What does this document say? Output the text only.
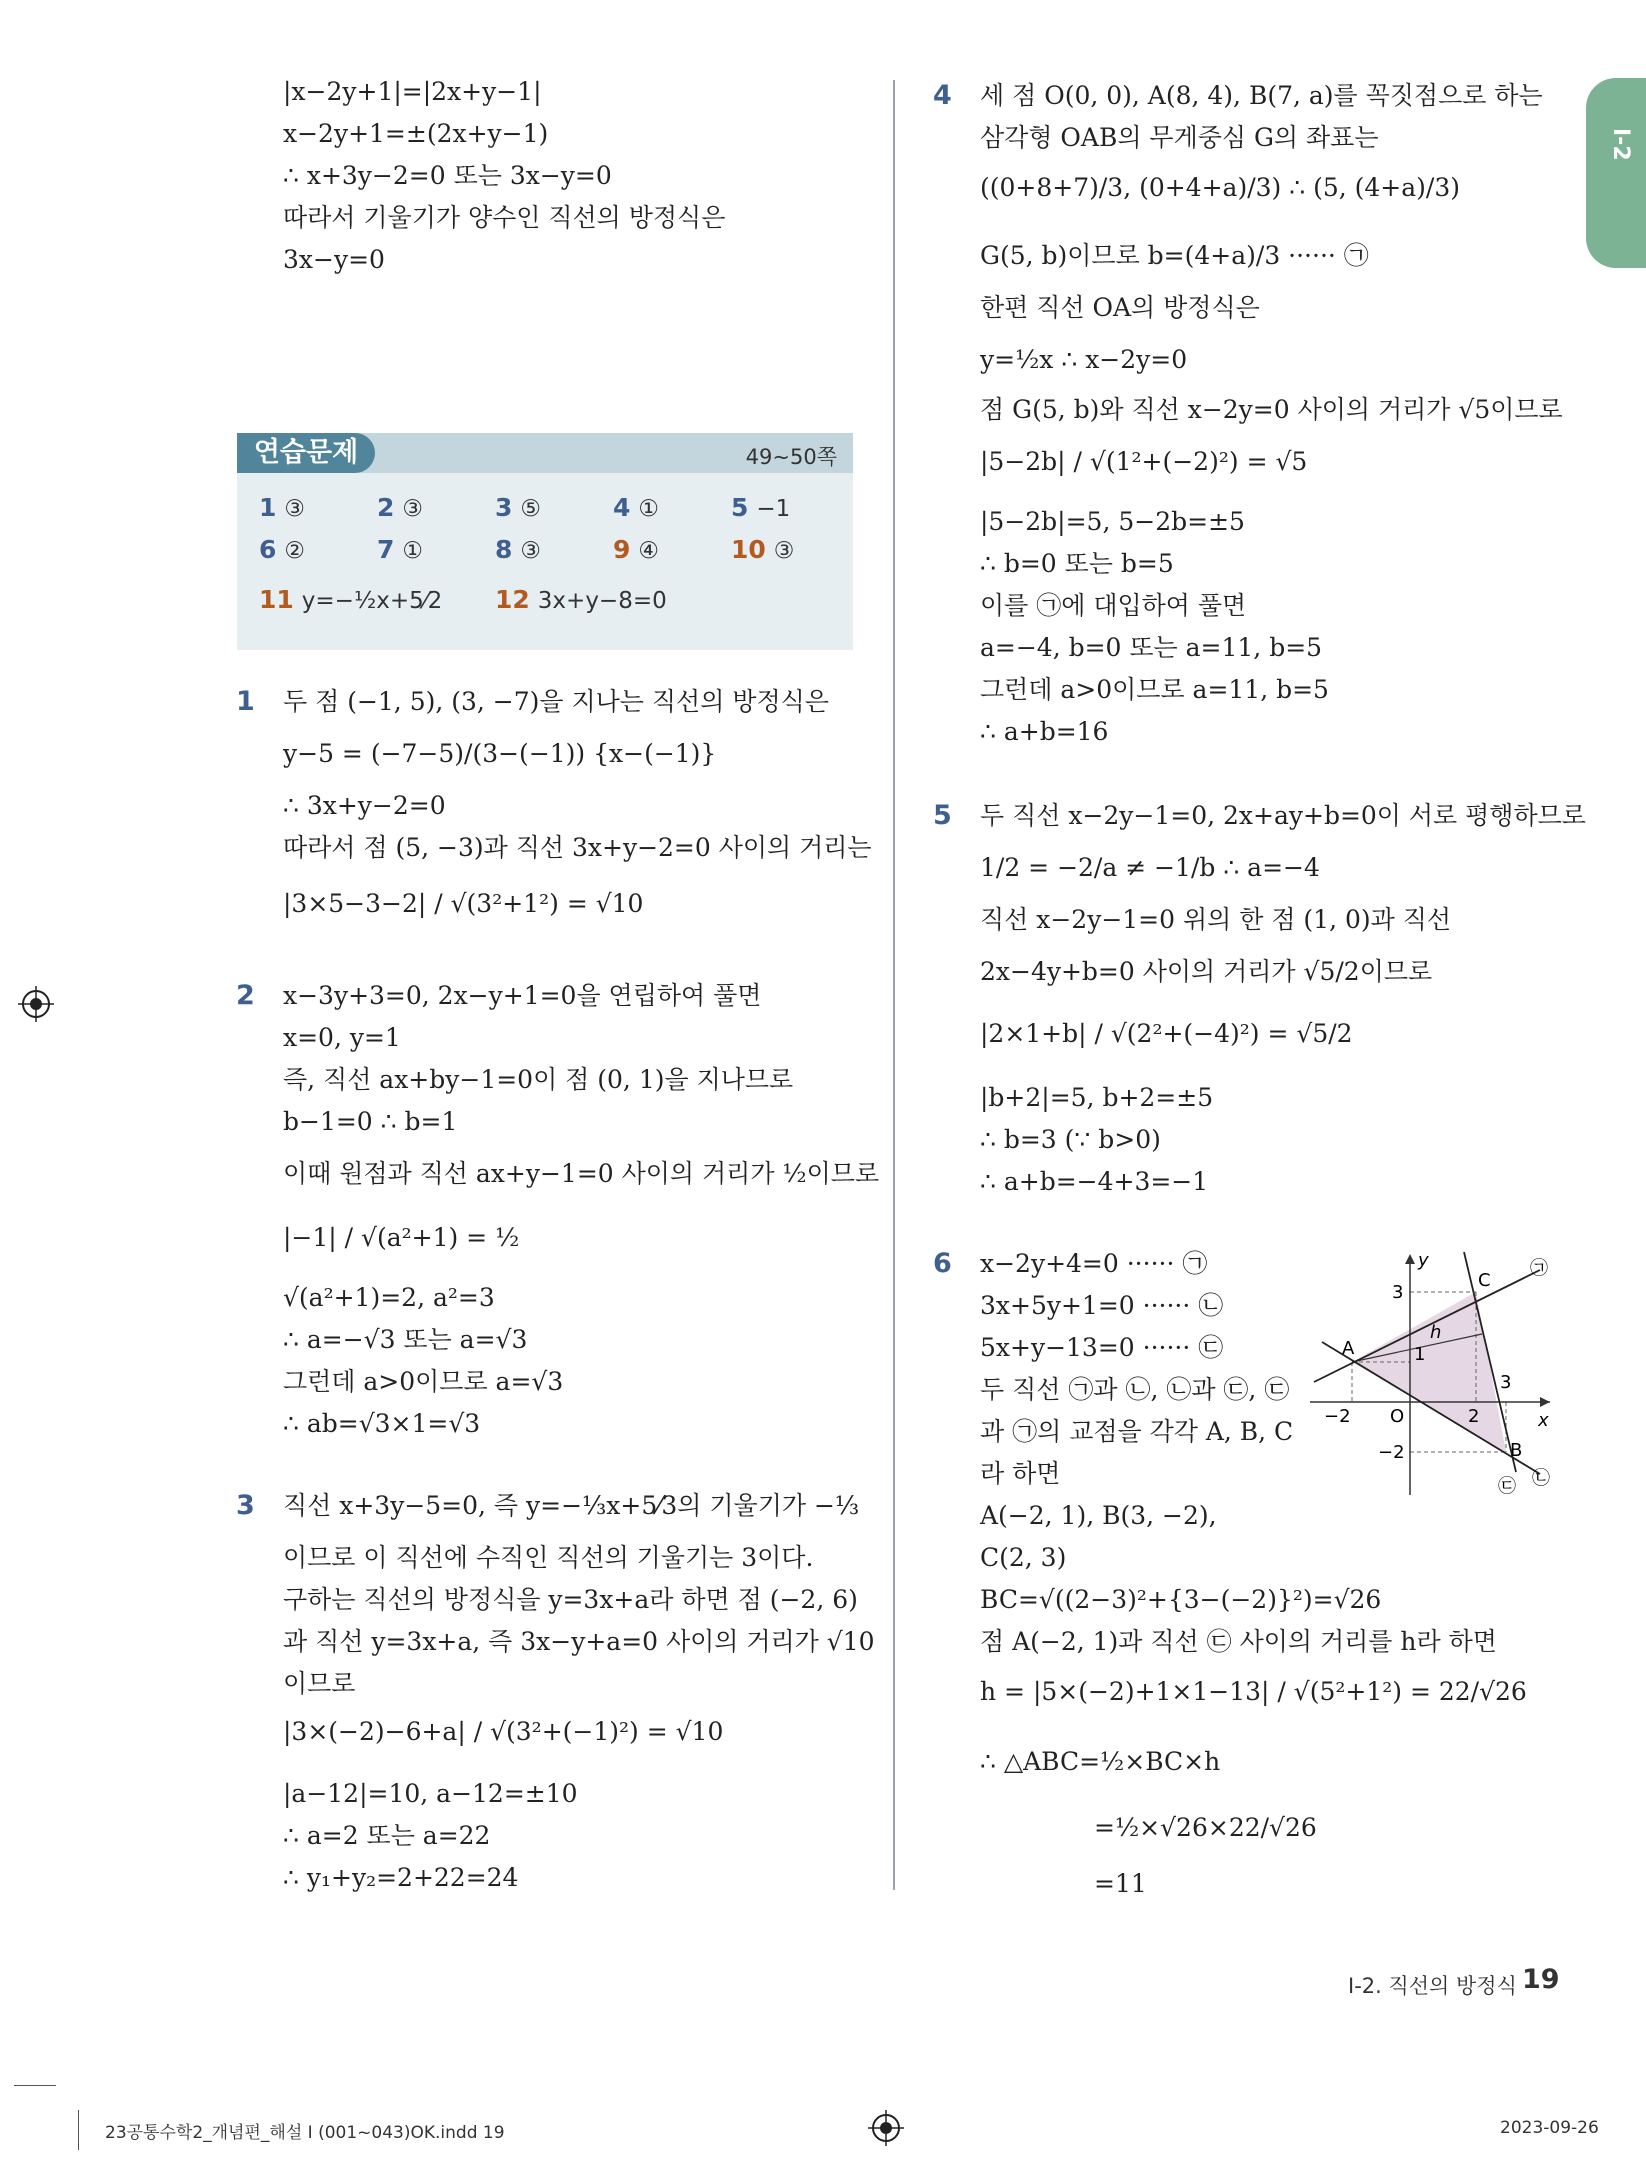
I‐2
|x−2y+1|=|2x+y−1|
x−2y+1=±(2x+y−1)
∴ x+3y−2=0 또는 3x−y=0
따라서 기울기가 양수인 직선의 방정식은
3x−y=0
연습문제	49∼50쪽
1 ③	2 ③	3 ⑤	4 ①	5 −1
6 ②	7 ①	8 ③	9 ④	10 ③
11 y=−½x+5⁄2 12 3x+y−8=0
1 두 점 (−1, 5), (3, −7)을 지나는 직선의 방정식은
y−5 = (−7−5)/(3−(−1)) {x−(−1)}
∴ 3x+y−2=0
따라서 점 (5, −3)과 직선 3x+y−2=0 사이의 거리는
|3×5−3−2| / √(3²+1²) = √10
2 x−3y+3=0, 2x−y+1=0을 연립하여 풀면
x=0, y=1
즉, 직선 ax+by−1=0이 점 (0, 1)을 지나므로
b−1=0 ∴ b=1
이때 원점과 직선 ax+y−1=0 사이의 거리가 ½이므로
|−1| / √(a²+1) = ½
√(a²+1)=2, a²=3
∴ a=−√3 또는 a=√3
그런데 a>0이므로 a=√3
∴ ab=√3×1=√3
3 직선 x+3y−5=0, 즉 y=−⅓x+5⁄3의 기울기가 −⅓
이므로 이 직선에 수직인 직선의 기울기는 3이다.
구하는 직선의 방정식을 y=3x+a라 하면 점 (−2, 6)
과 직선 y=3x+a, 즉 3x−y+a=0 사이의 거리가 √10
이므로
|3×(−2)−6+a| / √(3²+(−1)²) = √10
|a−12|=10, a−12=±10
∴ a=2 또는 a=22
∴ y₁+y₂=2+22=24
4 세 점 O(0, 0), A(8, 4), B(7, a)를 꼭짓점으로 하는
삼각형 OAB의 무게중심 G의 좌표는
((0+8+7)/3, (0+4+a)/3) ∴ (5, (4+a)/3)
G(5, b)이므로 b=(4+a)/3 ······ ㉠
한편 직선 OA의 방정식은
y=½x ∴ x−2y=0
점 G(5, b)와 직선 x−2y=0 사이의 거리가 √5이므로
|5−2b| / √(1²+(−2)²) = √5
|5−2b|=5, 5−2b=±5
∴ b=0 또는 b=5
이를 ㉠에 대입하여 풀면
a=−4, b=0 또는 a=11, b=5
그런데 a>0이므로 a=11, b=5
∴ a+b=16
5 두 직선 x−2y−1=0, 2x+ay+b=0이 서로 평행하므로
1/2 = −2/a ≠ −1/b ∴ a=−4
직선 x−2y−1=0 위의 한 점 (1, 0)과 직선
2x−4y+b=0 사이의 거리가 √5/2이므로
|2×1+b| / √(2²+(−4)²) = √5/2
|b+2|=5, b+2=±5
∴ b=3 (∵ b>0)
∴ a+b=−4+3=−1
6 x−2y+4=0 ······ ㉠
3x+5y+1=0 ······ ㉡
5x+y−13=0 ······ ㉢
두 직선 ㉠과 ㉡, ㉡과 ㉢, ㉢
과 ㉠의 교점을 각각 A, B, C
라 하면
A(−2, 1), B(3, −2),
C(2, 3)
BC=√((2−3)²+{3−(−2)}²)=√26
점 A(−2, 1)과 직선 ㉢ 사이의 거리를 h라 하면
h = |5×(−2)+1×1−13| / √(5²+1²) = 22/√26
∴ △ABC=½×BC×h
=½×√26×22/√26
=11
y
x
O
3
1
−2
−2	2
3
A
B
C
h
㉠
㉡
㉢
Ⅰ‐2. 직선의 방정식 19
23공통수학2_개념편_해설 I (001~043)OK.indd 19	2023-09-26
